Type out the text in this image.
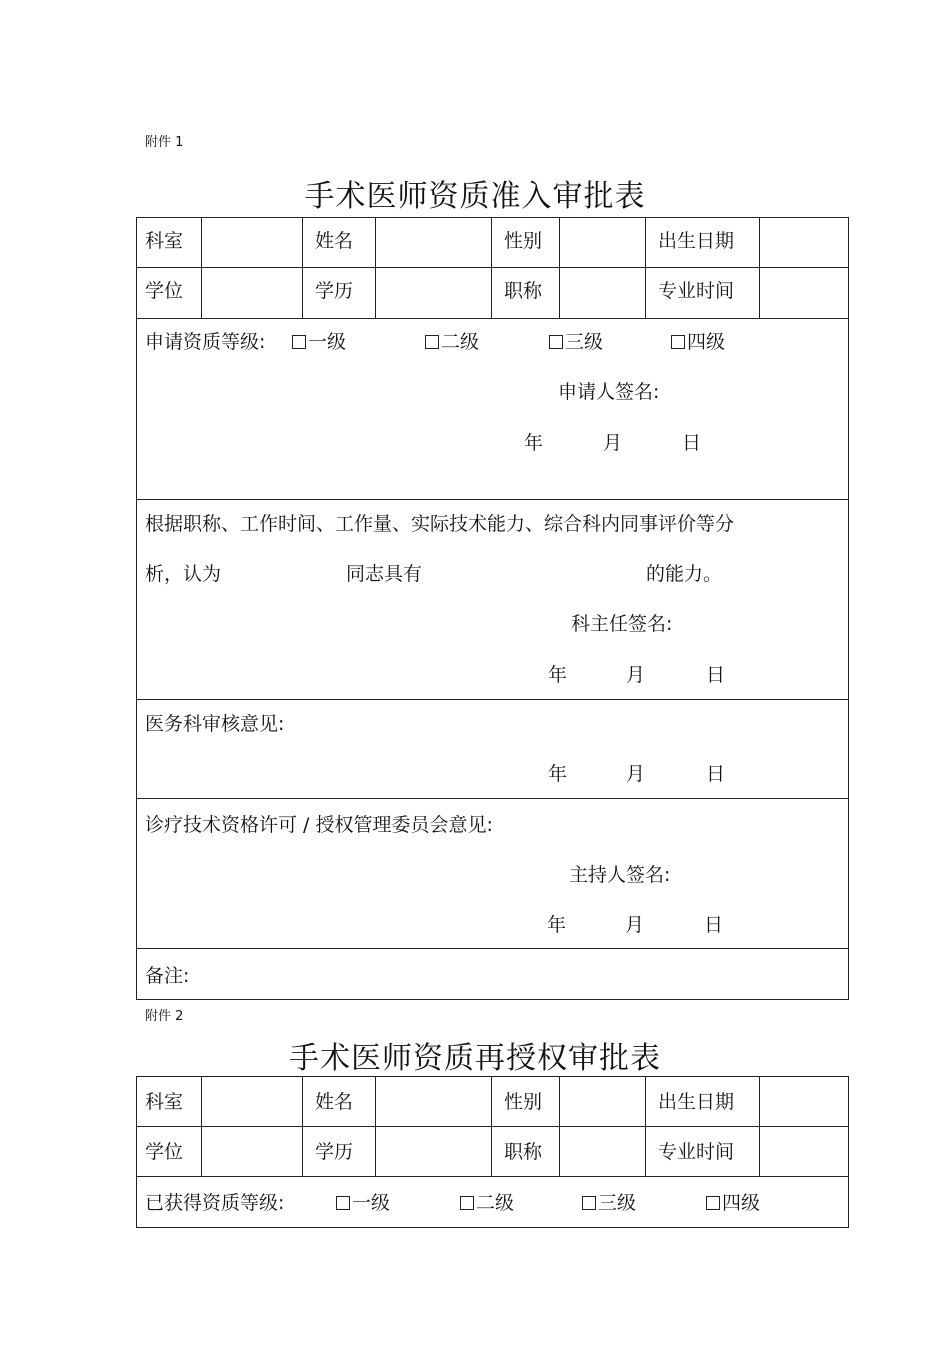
附件 1
手术医师资质准入审批表
科室	姓名	性别	出生日期
学位	学历	职称	专业时间
申请资质等级:	一级	二级	三级	四级
申请人签名:
年	月	日
根据职称、工作时间、工作量、实际技术能力、综合科内同事评价等分
析，认为	同志具有	的能力。
科主任签名:
年	月	日
医务科审核意见:
年	月	日
诊疗技术资格许可 / 授权管理委员会意见:
主持人签名:
年	月	日
备注:
附件 2
手术医师资质再授权审批表
科室	姓名	性别	出生日期
学位	学历	职称	专业时间
已获得资质等级:	一级	二级	三级	四级
